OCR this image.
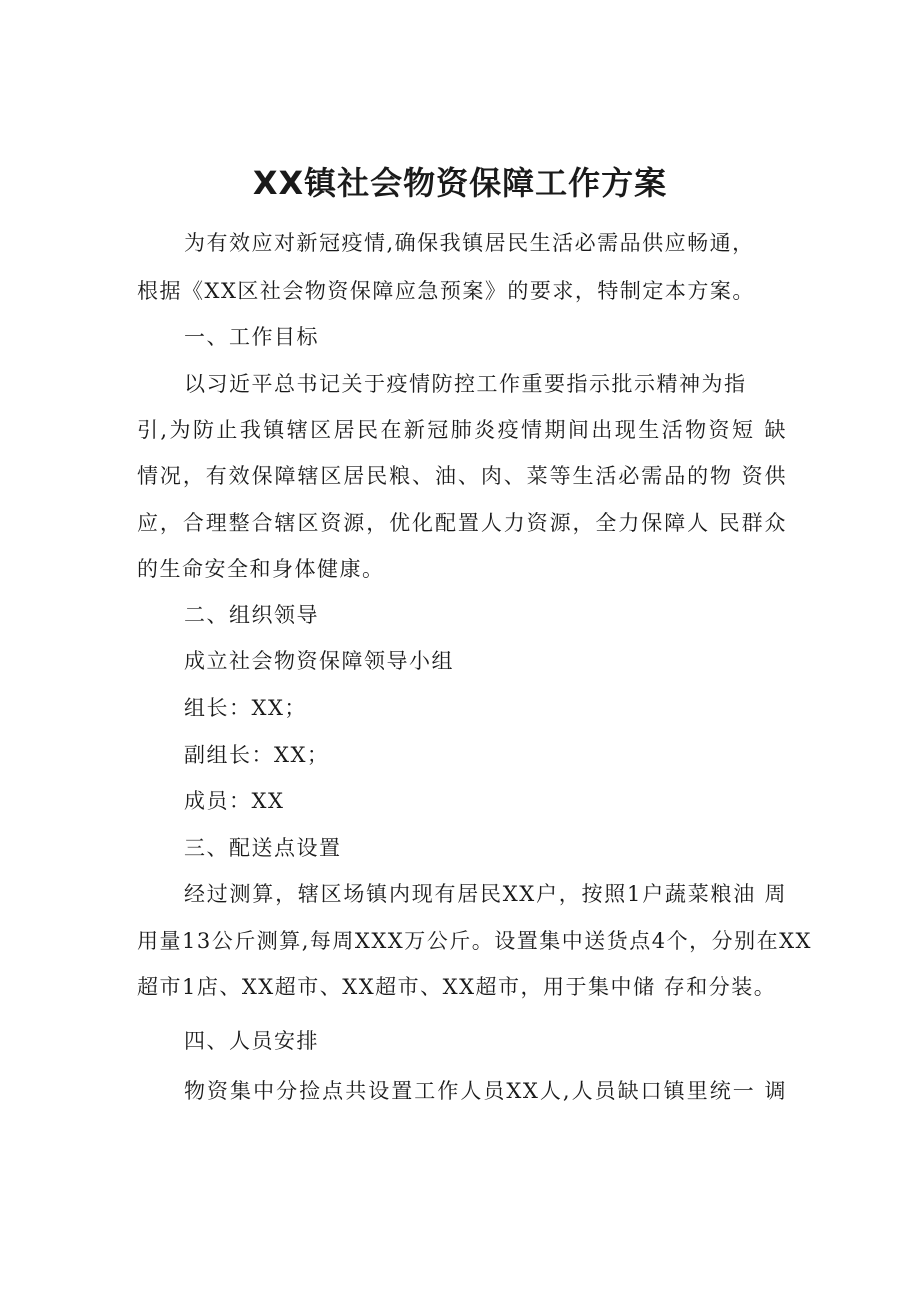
XX镇社会物资保障工作方案

为有效应对新冠疫情,确保我镇居民生活必需品供应畅通，

根据《XX区社会物资保障应急预案》的要求，特制定本方案。

一、工作目标

以习近平总书记关于疫情防控工作重要指示批示精神为指

引,为防止我镇辖区居民在新冠肺炎疫情期间出现生活物资短 缺

情况，有效保障辖区居民粮、油、肉、菜等生活必需品的物 资供

应，合理整合辖区资源，优化配置人力资源，全力保障人 民群众

的生命安全和身体健康。

二、组织领导

成立社会物资保障领导小组

组长：XX；

副组长：XX；

成员：XX

三、配送点设置

经过测算，辖区场镇内现有居民XX户，按照1户蔬菜粮油 周

用量13公斤测算,每周XXX万公斤。设置集中送货点4个，分别在XX

超市1店、XX超市、XX超市、XX超市，用于集中储 存和分装。

四、人员安排

物资集中分捡点共设置工作人员XX人,人员缺口镇里统一 调
